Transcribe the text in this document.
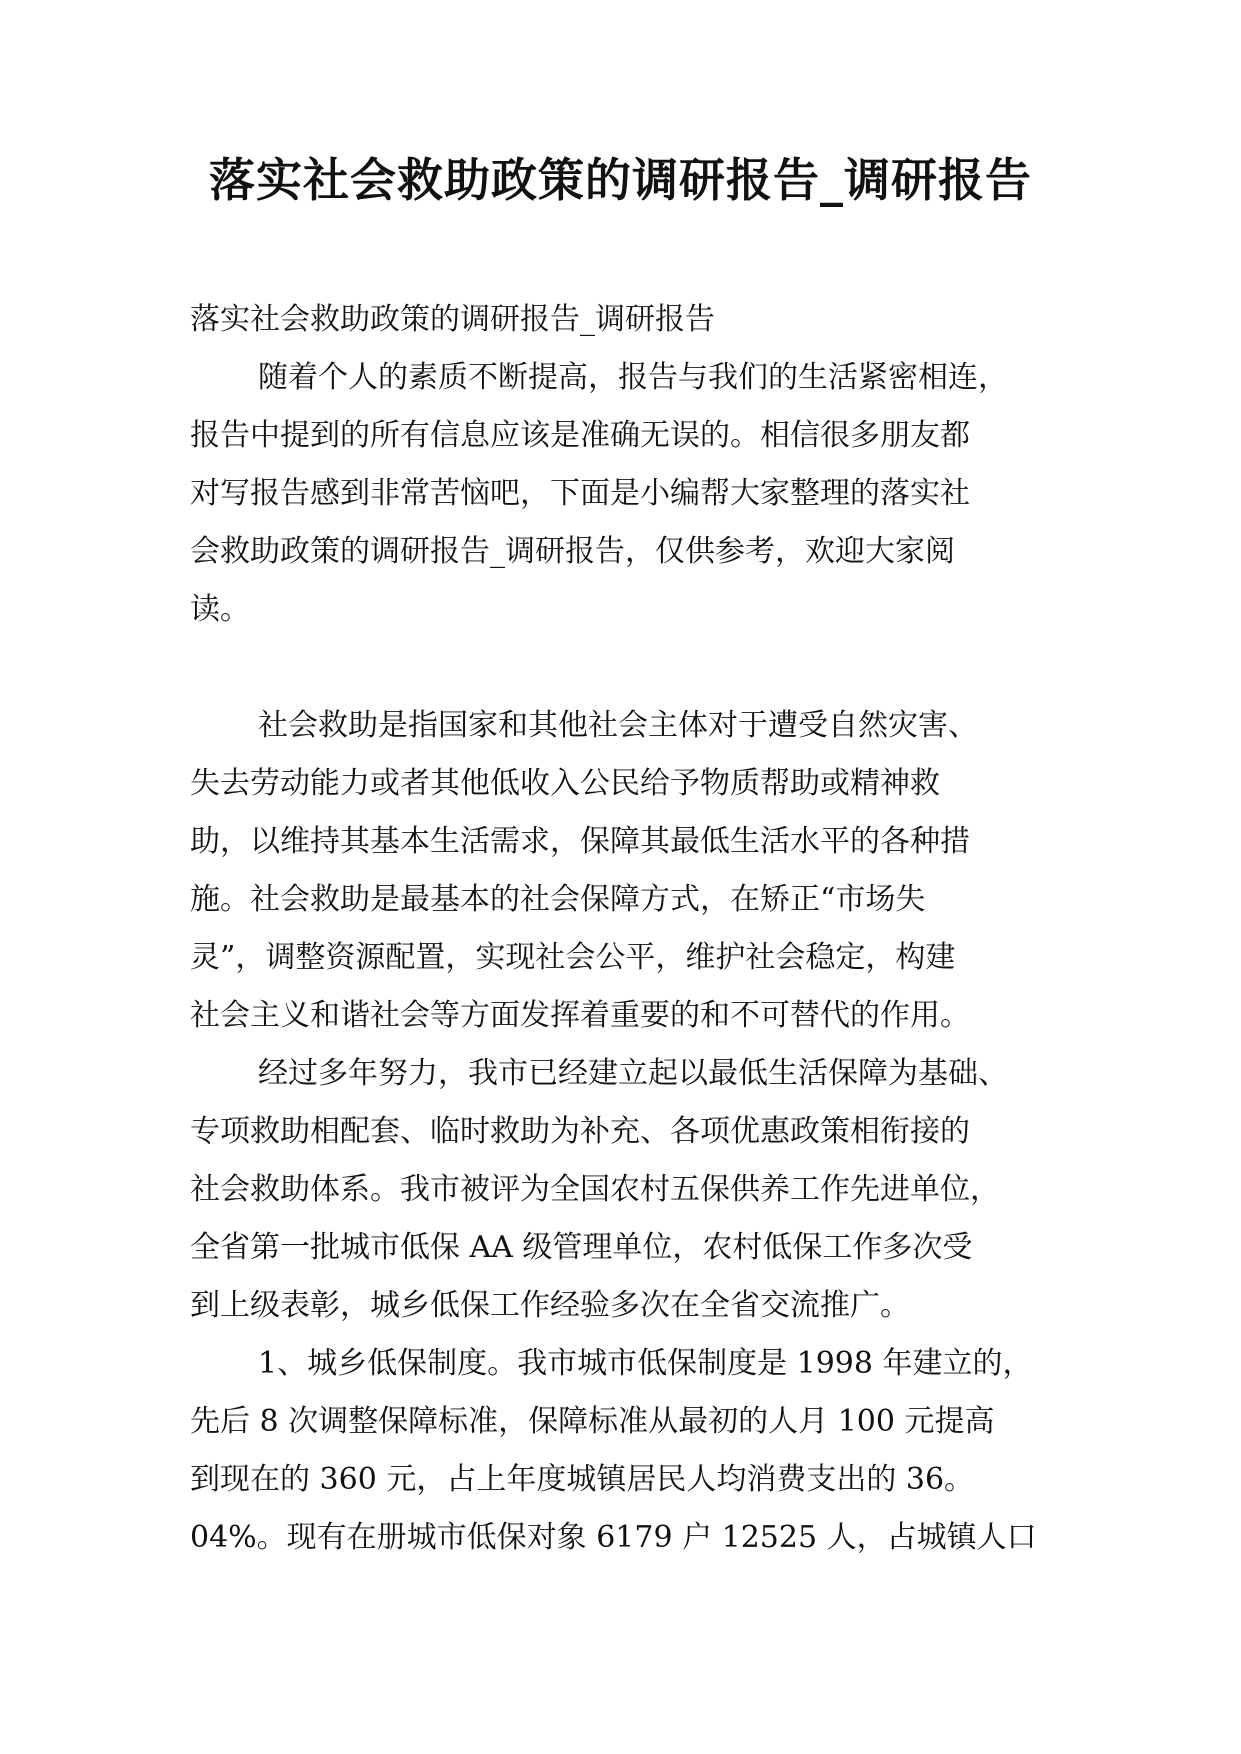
落实社会救助政策的调研报告_调研报告
落实社会救助政策的调研报告_调研报告
随着个人的素质不断提高，报告与我们的生活紧密相连，
报告中提到的所有信息应该是准确无误的。相信很多朋友都
对写报告感到非常苦恼吧，下面是小编帮大家整理的落实社
会救助政策的调研报告_调研报告，仅供参考，欢迎大家阅
读。
社会救助是指国家和其他社会主体对于遭受自然灾害、
失去劳动能力或者其他低收入公民给予物质帮助或精神救
助，以维持其基本生活需求，保障其最低生活水平的各种措
施。社会救助是最基本的社会保障方式，在矫正“市场失
灵”，调整资源配置，实现社会公平，维护社会稳定，构建
社会主义和谐社会等方面发挥着重要的和不可替代的作用。
经过多年努力，我市已经建立起以最低生活保障为基础、
专项救助相配套、临时救助为补充、各项优惠政策相衔接的
社会救助体系。我市被评为全国农村五保供养工作先进单位，
全省第一批城市低保 AA 级管理单位，农村低保工作多次受
到上级表彰，城乡低保工作经验多次在全省交流推广。
1、城乡低保制度。我市城市低保制度是 1998 年建立的，
先后 8 次调整保障标准，保障标准从最初的人月 100 元提高
到现在的 360 元，占上年度城镇居民人均消费支出的 36。
04%。现有在册城市低保对象 6179 户 12525 人，占城镇人口
